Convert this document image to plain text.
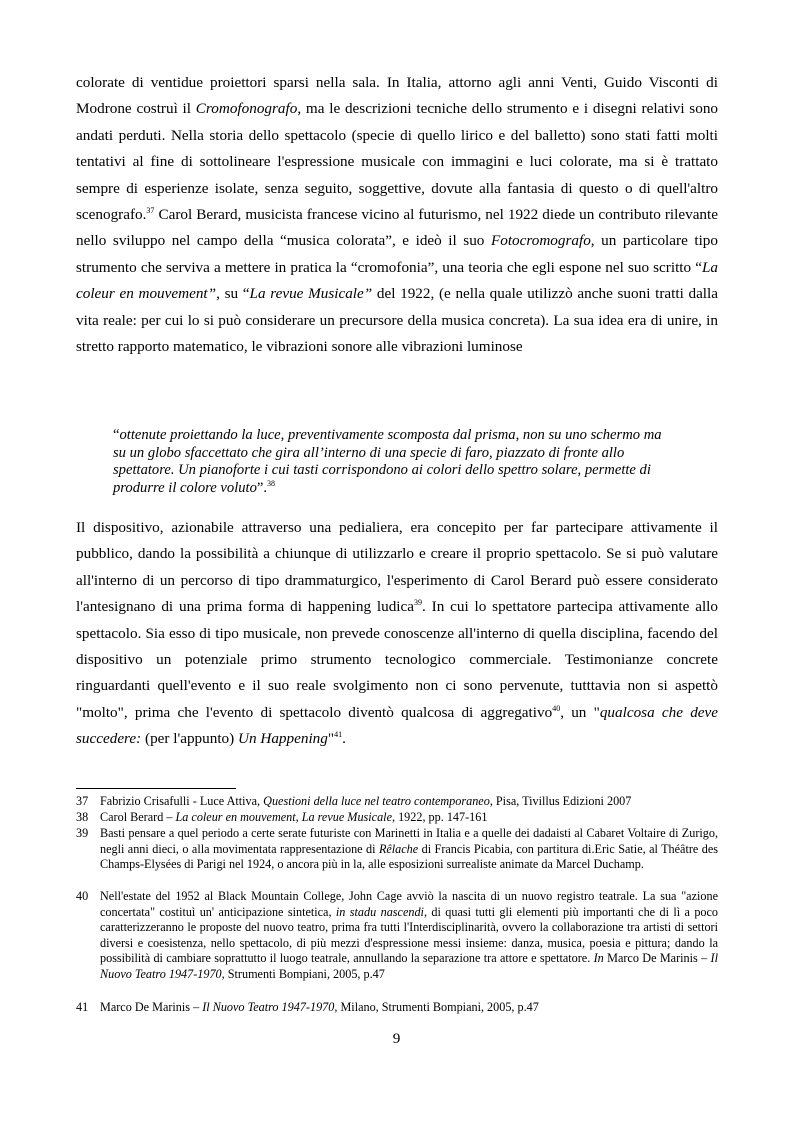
colorate di ventidue proiettori sparsi nella sala. In Italia, attorno agli anni Venti, Guido Visconti di Modrone costruì il Cromofonografo, ma le descrizioni tecniche dello strumento e i disegni relativi sono andati perduti. Nella storia dello spettacolo (specie di quello lirico e del balletto) sono stati fatti molti tentativi al fine di sottolineare l'espressione musicale con immagini e luci colorate, ma si è trattato sempre di esperienze isolate, senza seguito, soggettive, dovute alla fantasia di questo o di quell'altro scenografo.$^{37}$ Carol Berard, musicista francese vicino al futurismo, nel 1922 diede un contributo rilevante nello sviluppo nel campo della “musica colorata”, e ideò il suo Fotocromografo, un particolare tipo strumento che serviva a mettere in pratica la “cromofonia”, una teoria che egli espone nel suo scritto “La coleur en mouvement”, su “La revue Musicale” del 1922, (e nella quale utilizzò anche suoni tratti dalla vita reale: per cui lo si può considerare un precursore della musica concreta). La sua idea era di unire, in stretto rapporto matematico, le vibrazioni sonore alle vibrazioni luminose

“ottenute proiettando la luce, preventivamente scomposta dal prisma, non su uno schermo ma su un globo sfaccettato che gira all’interno di una specie di faro, piazzato di fronte allo spettatore. Un pianoforte i cui tasti corrispondono ai colori dello spettro solare, permette di produrre il colore voluto”.$^{38}$

Il dispositivo, azionabile attraverso una pedialiera, era concepito per far partecipare attivamente il pubblico, dando la possibilità a chiunque di utilizzarlo e creare il proprio spettacolo. Se si può valutare all'interno di un percorso di tipo drammaturgico, l'esperimento di Carol Berard può essere considerato l'antesignano di una prima forma di happening ludica$^{39}$. In cui lo spettatore partecipa attivamente allo spettacolo. Sia esso di tipo musicale, non prevede conoscenze all'interno di quella disciplina, facendo del dispositivo un potenziale primo strumento tecnologico commerciale. Testimonianze concrete ringuardanti quell'evento e il suo reale svolgimento non ci sono pervenute, tutttavia non si aspettò "molto", prima che l'evento di spettacolo diventò qualcosa di aggregativo$^{40}$, un "qualcosa che deve succedere: (per l'appunto) Un Happening"$^{41}$.

37 Fabrizio Crisafulli - Luce Attiva, Questioni della luce nel teatro contemporaneo, Pisa, Tivillus Edizioni 2007
38 Carol Berard – La coleur en mouvement, La revue Musicale, 1922, pp. 147-161
39 Basti pensare a quel periodo a certe serate futuriste con Marinetti in Italia e a quelle dei dadaisti al Cabaret Voltaire di Zurigo, negli anni dieci, o alla movimentata rappresentazione di Rêlache di Francis Picabia, con partitura di.Eric Satie, al Théâtre des Champs-Elysées di Parigi nel 1924, o ancora più in la, alle esposizioni surrealiste animate da Marcel Duchamp.
40 Nell'estate del 1952 al Black Mountain College, John Cage avviò la nascita di un nuovo registro teatrale. La sua "azione concertata" costituì un' anticipazione sintetica, in stadu nascendi, di quasi tutti gli elementi più importanti che di lì a poco caratterizzeranno le proposte del nuovo teatro, prima fra tutti l'Interdisciplinarità, ovvero la collaborazione tra artisti di settori diversi e coesistenza, nello spettacolo, di più mezzi d'espressione messi insieme: danza, musica, poesia e pittura; dando la possibilità di cambiare soprattutto il luogo teatrale, annullando la separazione tra attore e spettatore. In Marco De Marinis – Il Nuovo Teatro 1947-1970, Strumenti Bompiani, 2005, p.47
41 Marco De Marinis – Il Nuovo Teatro 1947-1970, Milano, Strumenti Bompiani, 2005, p.47
9
